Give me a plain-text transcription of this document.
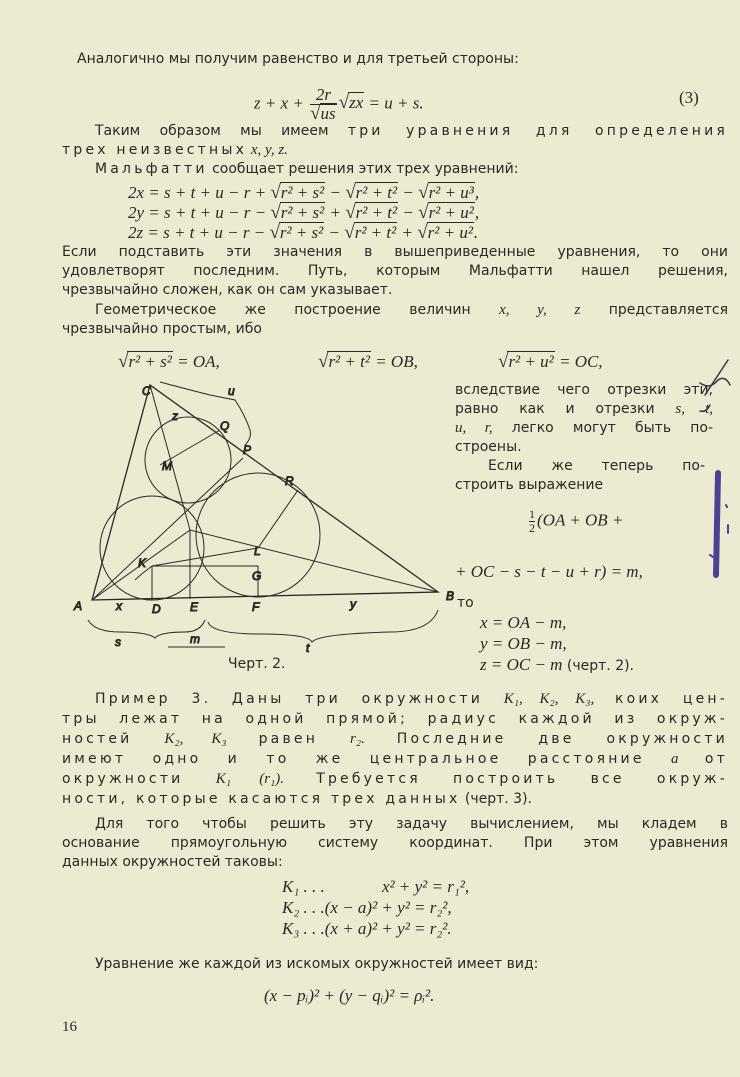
Аналогично мы получим равенство и для третьей стороны:
$z + x + \frac{2r}{√us} √zx = u + s$.	(3)
Таким образом мы имеем три уравнения для определения
трех неизвестных x, y, z.
Мальфатти сообщает решения этих трех уравнений:
2x = s + t + u − r + √r² + s² − √r² + t² − √r² + u³,
2y = s + t + u − r − √r² + s² + √r² + t² − √r² + u²,
2z = s + t + u − r − √r² + s² − √r² + t² + √r² + u².
Если подставить эти значения в вышеприведенные уравнения, то они
удовлетворят последним. Путь, которым Мальфатти нашел решения,
чрезвычайно сложен, как он сам указывает.
Геометрическое же построение величин x, y, z представляется
чрезвычайно простым, ибо
√r² + s² = OA,	√r² + t² = OB,	√r² + u² = OC,
C	u
z
Q
P
M
R
L
K
G
A	x	D E	F	y
B
s	m
t
Черт. 2.
вследствие чего отрезки эти,
равно как и отрезки s, t,
u, r, легко могут быть по-
строены.
Если же теперь по-
строить выражение
$\frac{1}{2} (OA$ + OB +
+ OC − s − t − u + r) = m,
то
x = OA − m,
y = OB − m,
z = OC − m (черт. 2).
Пример 3. Даны три окружности K₁, K₂, K₃, коих цен-
тры лежат на одной прямой; радиус каждой из окруж-
ностей K₂, K₃ равен r₂. Последние две окружности
имеют одно и то же центральное расстояние a от
окружности K₁ (r₁). Требуется построить все окруж-
ности, которые касаются трех данных (черт. 3).
Для того чтобы решить эту задачу вычислением, мы кладем в
основание прямоугольную систему координат. При этом уравнения
данных окружностей таковы:
K₁ . . .	x² + y² = r₁²,
K₂ . . .(x − a)² + y² = r₂²,
K₃ . . .(x + a)² + y² = r₂².
Уравнение же каждой из искомых окружностей имеет вид:
(x − pᵢ)² + (y − qᵢ)² = ρᵢ².
16
